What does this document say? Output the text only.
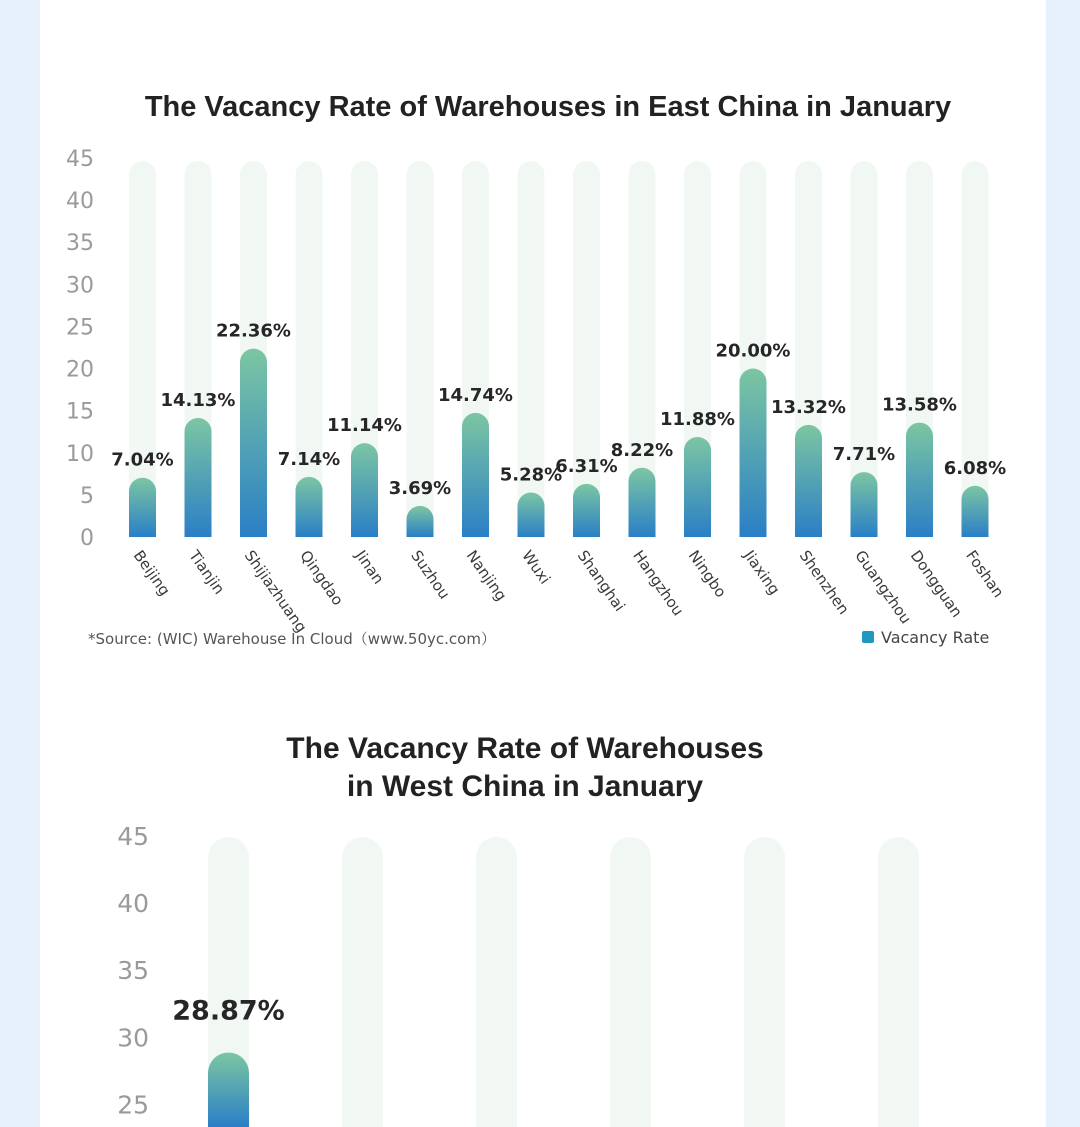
The Vacancy Rate of Warehouses in East China in January
0
5
10
15
20
25
30
35
40
45
7.04%
14.13%
22.36%
7.14%
11.14%
3.69%
14.74%
5.28%
6.31%
8.22%
11.88%
20.00%
13.32%
7.71%
13.58%
6.08%
Beijing Tianjin Shijiazhuang
Qingdao Jinan Suzhou Nanjing Wuxi Shanghai Hangzhou
Ningbo Jiaxing Shenzhen
Guangzhou
Dongguan
Foshan
*Source: (WIC) Warehouse In Cloud（www.50yc.com）	Vacancy Rate
The Vacancy Rate of Warehouses
in West China in January
25
30
35
40
45
28.87%
